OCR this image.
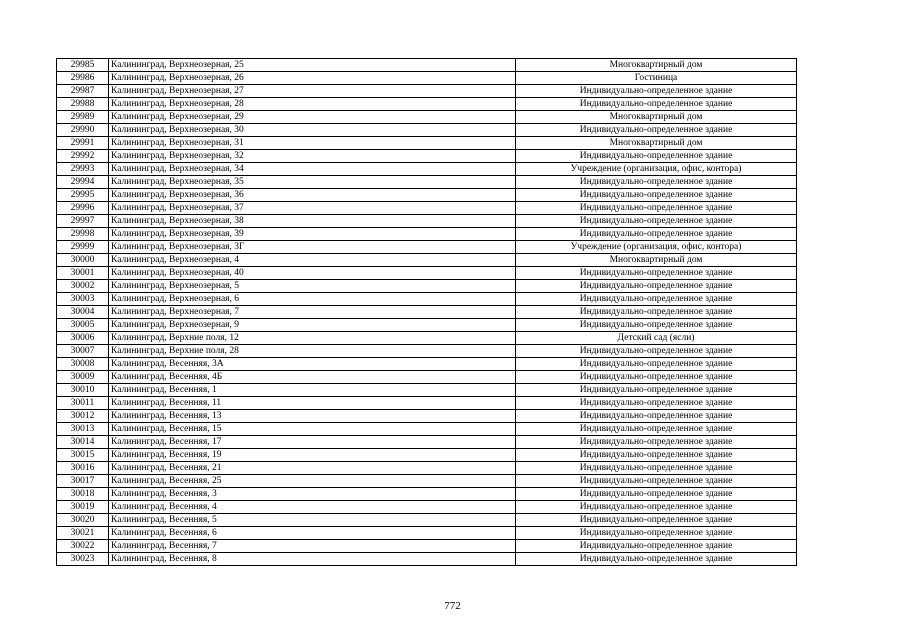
29985	Калининград, Верхнеозерная, 25	Многоквартирный дом
29986	Калининград, Верхнеозерная, 26	Гостиница
29987	Калининград, Верхнеозерная, 27	Индивидуально-определенное здание
29988	Калининград, Верхнеозерная, 28	Индивидуально-определенное здание
29989	Калининград, Верхнеозерная, 29	Многоквартирный дом
29990	Калининград, Верхнеозерная, 30	Индивидуально-определенное здание
29991	Калининград, Верхнеозерная, 31	Многоквартирный дом
29992	Калининград, Верхнеозерная, 32	Индивидуально-определенное здание
29993	Калининград, Верхнеозерная, 34	Учреждение (организация, офис, контора)
29994	Калининград, Верхнеозерная, 35	Индивидуально-определенное здание
29995	Калининград, Верхнеозерная, 36	Индивидуально-определенное здание
29996	Калининград, Верхнеозерная, 37	Индивидуально-определенное здание
29997	Калининград, Верхнеозерная, 38	Индивидуально-определенное здание
29998	Калининград, Верхнеозерная, 39	Индивидуально-определенное здание
29999	Калининград, Верхнеозерная, 3Г	Учреждение (организация, офис, контора)
30000	Калининград, Верхнеозерная, 4	Многоквартирный дом
30001	Калининград, Верхнеозерная, 40	Индивидуально-определенное здание
30002	Калининград, Верхнеозерная, 5	Индивидуально-определенное здание
30003	Калининград, Верхнеозерная, 6	Индивидуально-определенное здание
30004	Калининград, Верхнеозерная, 7	Индивидуально-определенное здание
30005	Калининград, Верхнеозерная, 9	Индивидуально-определенное здание
30006	Калининград, Верхние поля, 12	Детский сад (ясли)
30007	Калининград, Верхние поля, 28	Индивидуально-определенное здание
30008	Калининград, Весенняя, 3А	Индивидуально-определенное здание
30009	Калининград, Весенняя, 4Б	Индивидуально-определенное здание
30010	Калининград, Весенняя, 1	Индивидуально-определенное здание
30011	Калининград, Весенняя, 11	Индивидуально-определенное здание
30012	Калининград, Весенняя, 13	Индивидуально-определенное здание
30013	Калининград, Весенняя, 15	Индивидуально-определенное здание
30014	Калининград, Весенняя, 17	Индивидуально-определенное здание
30015	Калининград, Весенняя, 19	Индивидуально-определенное здание
30016	Калининград, Весенняя, 21	Индивидуально-определенное здание
30017	Калининград, Весенняя, 25	Индивидуально-определенное здание
30018	Калининград, Весенняя, 3	Индивидуально-определенное здание
30019	Калининград, Весенняя, 4	Индивидуально-определенное здание
30020	Калининград, Весенняя, 5	Индивидуально-определенное здание
30021	Калининград, Весенняя, 6	Индивидуально-определенное здание
30022	Калининград, Весенняя, 7	Индивидуально-определенное здание
30023	Калининград, Весенняя, 8	Индивидуально-определенное здание
772
